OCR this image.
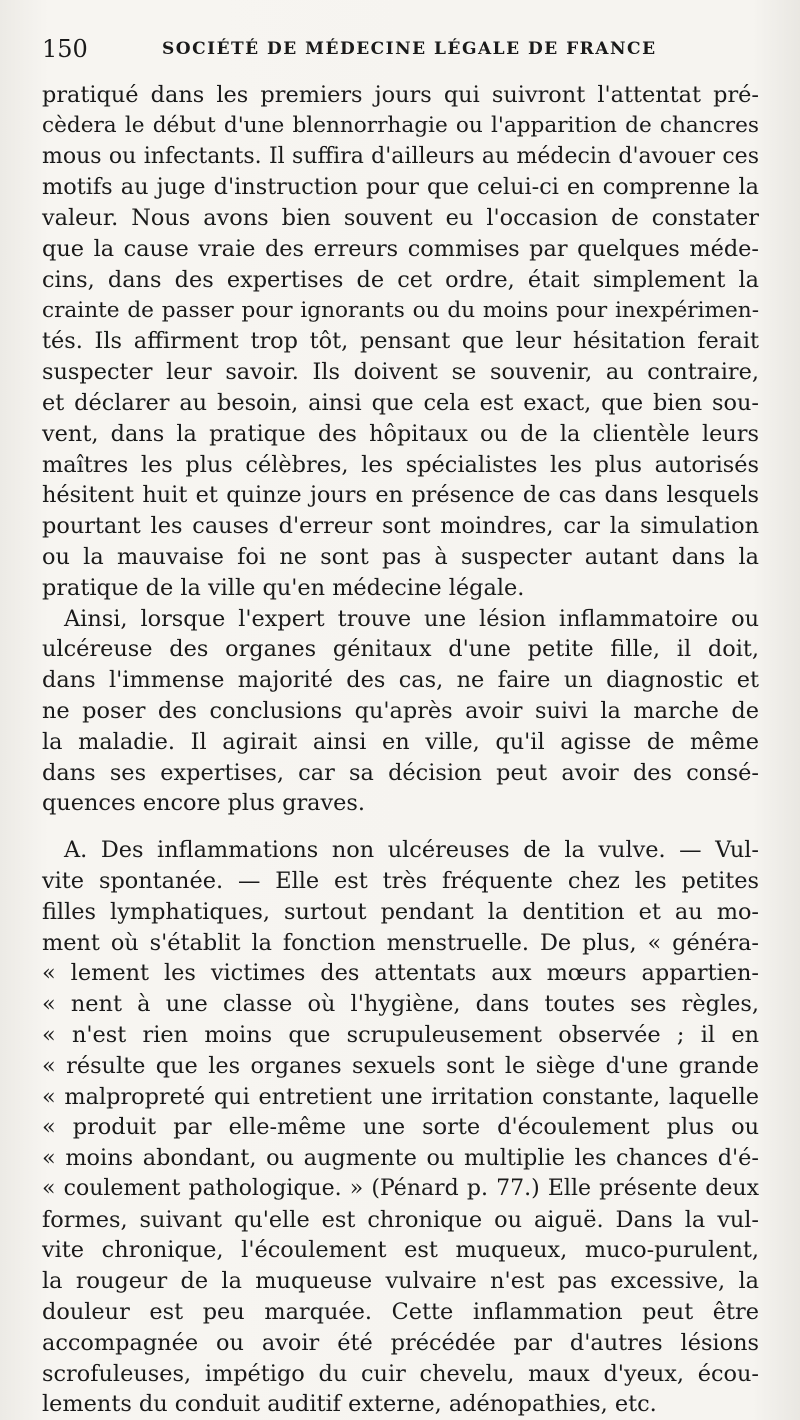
150	SOCIÉTÉ DE MÉDECINE LÉGALE DE FRANCE
pratiqué dans les premiers jours qui suivront l'attentat pré-
cèdera le début d'une blennorrhagie ou l'apparition de chancres
mous ou infectants. Il suffira d'ailleurs au médecin d'avouer ces
motifs au juge d'instruction pour que celui-ci en comprenne la
valeur. Nous avons bien souvent eu l'occasion de constater
que la cause vraie des erreurs commises par quelques méde-
cins, dans des expertises de cet ordre, était simplement la
crainte de passer pour ignorants ou du moins pour inexpérimen-
tés. Ils affirment trop tôt, pensant que leur hésitation ferait
suspecter leur savoir. Ils doivent se souvenir, au contraire,
et déclarer au besoin, ainsi que cela est exact, que bien sou-
vent, dans la pratique des hôpitaux ou de la clientèle leurs
maîtres les plus célèbres, les spécialistes les plus autorisés
hésitent huit et quinze jours en présence de cas dans lesquels
pourtant les causes d'erreur sont moindres, car la simulation
ou la mauvaise foi ne sont pas à suspecter autant dans la
pratique de la ville qu'en médecine légale.
Ainsi, lorsque l'expert trouve une lésion inflammatoire ou
ulcéreuse des organes génitaux d'une petite fille, il doit,
dans l'immense majorité des cas, ne faire un diagnostic et
ne poser des conclusions qu'après avoir suivi la marche de
la maladie. Il agirait ainsi en ville, qu'il agisse de même
dans ses expertises, car sa décision peut avoir des consé-
quences encore plus graves.
A. Des inflammations non ulcéreuses de la vulve. — Vul-
vite spontanée. — Elle est très fréquente chez les petites
filles lymphatiques, surtout pendant la dentition et au mo-
ment où s'établit la fonction menstruelle. De plus, « généra-
« lement les victimes des attentats aux mœurs appartien-
« nent à une classe où l'hygiène, dans toutes ses règles,
« n'est rien moins que scrupuleusement observée ; il en
« résulte que les organes sexuels sont le siège d'une grande
« malpropreté qui entretient une irritation constante, laquelle
« produit par elle-même une sorte d'écoulement plus ou
« moins abondant, ou augmente ou multiplie les chances d'é-
« coulement pathologique. » (Pénard p. 77.) Elle présente deux
formes, suivant qu'elle est chronique ou aiguë. Dans la vul-
vite chronique, l'écoulement est muqueux, muco-purulent,
la rougeur de la muqueuse vulvaire n'est pas excessive, la
douleur est peu marquée. Cette inflammation peut être
accompagnée ou avoir été précédée par d'autres lésions
scrofuleuses, impétigo du cuir chevelu, maux d'yeux, écou-
lements du conduit auditif externe, adénopathies, etc.
